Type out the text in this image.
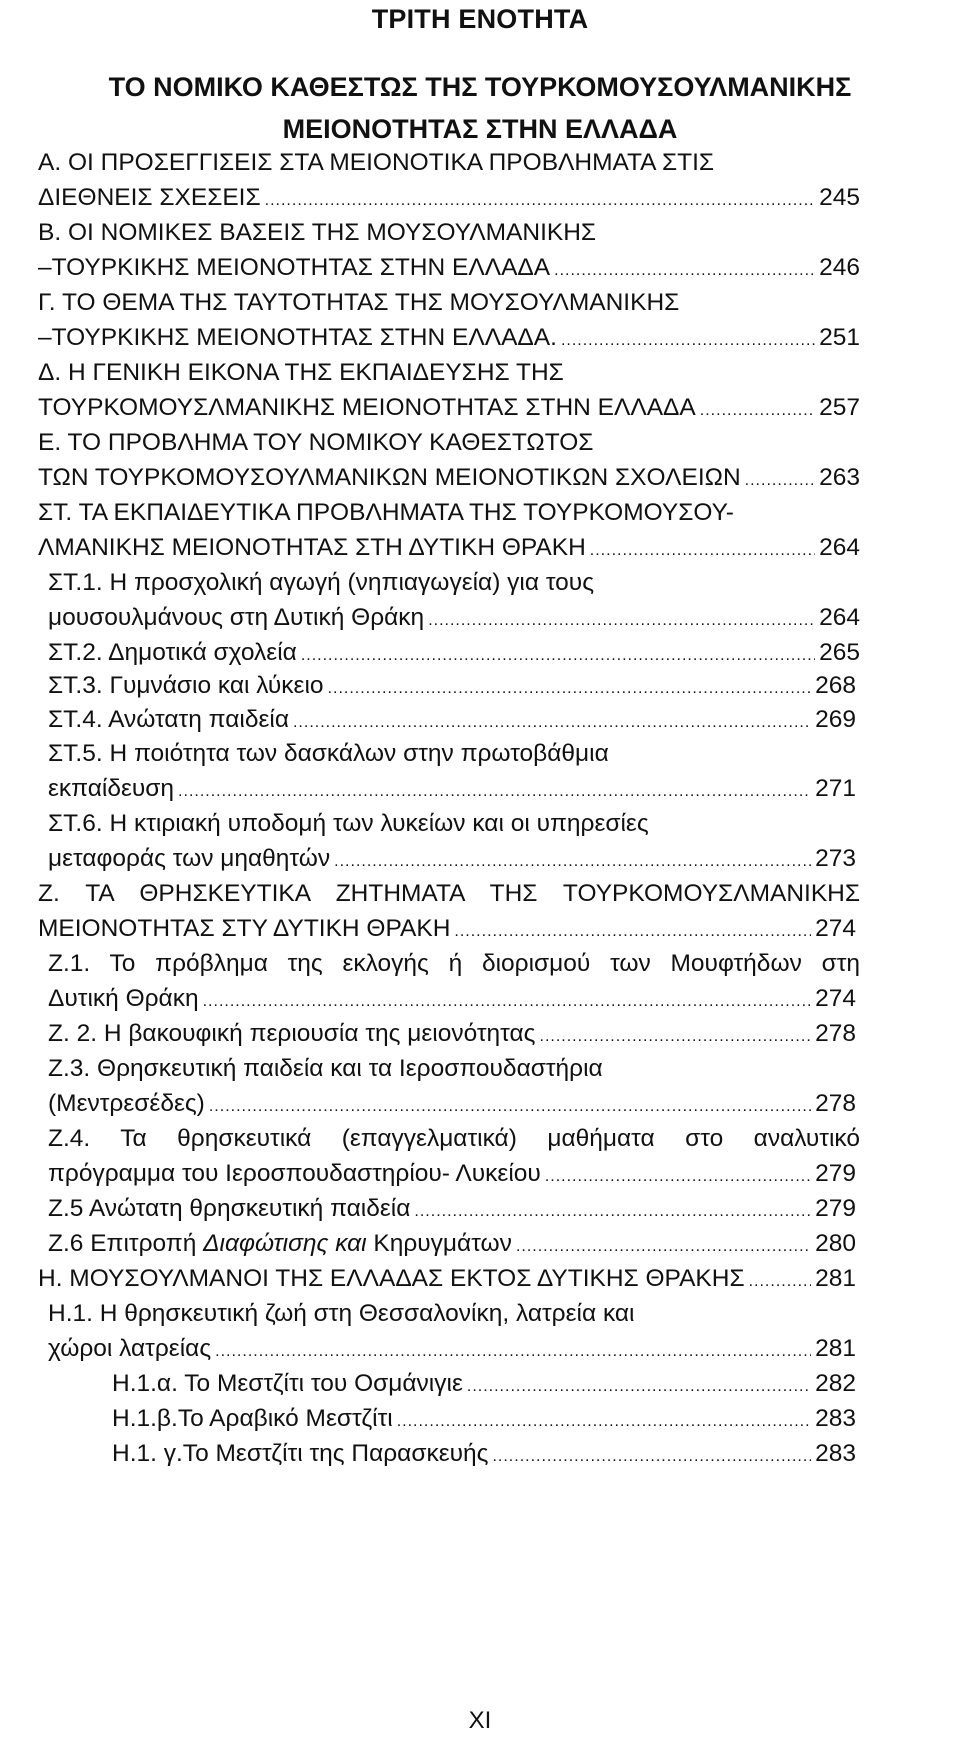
ΤΡΙΤΗ ΕΝΟΤΗΤΑ
ΤΟ ΝΟΜΙΚΟ ΚΑΘΕΣΤΩΣ ΤΗΣ ΤΟΥΡΚΟΜΟΥΣΟΥΛΜΑΝΙΚΗΣ
ΜΕΙΟΝΟΤΗΤΑΣ ΣΤΗΝ ΕΛΛΑΔΑ
Α. ΟΙ ΠΡΟΣΕΓΓΙΣΕΙΣ ΣΤΑ ΜΕΙΟΝΟΤΙΚΑ ΠΡΟΒΛΗΜΑΤΑ ΣΤΙΣ
ΔΙΕΘΝΕΙΣ ΣΧΕΣΕΙΣ .....	245
Β. ΟΙ ΝΟΜΙΚΕΣ ΒΑΣΕΙΣ ΤΗΣ ΜΟΥΣΟΥΛΜΑΝΙΚΗΣ
–ΤΟΥΡΚΙΚΗΣ ΜΕΙΟΝΟΤΗΤΑΣ ΣΤΗΝ ΕΛΛΑΔΑ .....	246
Γ. ΤΟ ΘΕΜΑ ΤΗΣ ΤΑΥΤΟΤΗΤΑΣ ΤΗΣ ΜΟΥΣΟΥΛΜΑΝΙΚΗΣ
–ΤΟΥΡΚΙΚΗΣ ΜΕΙΟΝΟΤΗΤΑΣ ΣΤΗΝ ΕΛΛΑΔΑ. .....	251
Δ. Η ΓΕΝΙΚΗ ΕΙΚΟΝΑ ΤΗΣ ΕΚΠΑΙΔΕΥΣΗΣ ΤΗΣ
ΤΟΥΡΚΟΜΟΥΣΛΜΑΝΙΚΗΣ ΜΕΙΟΝΟΤΗΤΑΣ ΣΤΗΝ ΕΛΛΑΔΑ .....	257
Ε. ΤΟ ΠΡΟΒΛΗΜΑ ΤΟΥ ΝΟΜΙΚΟΥ ΚΑΘΕΣΤΩΤΟΣ
ΤΩΝ ΤΟΥΡΚΟΜΟΥΣΟΥΛΜΑΝΙΚΩΝ ΜΕΙΟΝΟΤΙΚΩΝ ΣΧΟΛΕΙΩΝ .....	263
ΣΤ. ΤΑ ΕΚΠΑΙΔΕΥΤΙΚΑ ΠΡΟΒΛΗΜΑΤΑ ΤΗΣ ΤΟΥΡΚΟΜΟΥΣΟΥ-
ΛΜΑΝΙΚΗΣ ΜΕΙΟΝΟΤΗΤΑΣ ΣΤΗ ΔΥΤΙΚΗ ΘΡΑΚΗ .....	264
ΣΤ.1. Η προσχολική αγωγή (νηπιαγωγεία) για τους
μουσουλμάνους στη Δυτική Θράκη .....	264
ΣΤ.2. Δημοτικά σχολεία .....	265
ΣΤ.3. Γυμνάσιο και λύκειο .....	268
ΣΤ.4. Ανώτατη παιδεία .....	269
ΣΤ.5. Η ποιότητα των δασκάλων στην πρωτοβάθμια
εκπαίδευση .....	271
ΣΤ.6. Η κτιριακή υποδομή των λυκείων και οι υπηρεσίες
μεταφοράς των μηαθητών .....	273
Ζ. ΤΑ ΘΡΗΣΚΕΥΤΙΚΑ ΖΗΤΗΜΑΤΑ ΤΗΣ ΤΟΥΡΚΟΜΟΥΣΛΜΑΝΙΚΗΣ
ΜΕΙΟΝΟΤΗΤΑΣ ΣΤΥ ΔΥΤΙΚΗ ΘΡΑΚΗ .....	274
Ζ.1. Το πρόβλημα της εκλογής ή διορισμού των Μουφτήδων στη
Δυτική Θράκη .....	274
Ζ. 2. Η βακουφική περιουσία της μειονότητας .....	278
Ζ.3. Θρησκευτική παιδεία και τα Ιεροσπουδαστήρια
(Μεντρεσέδες) .....	278
Ζ.4. Τα θρησκευτικά (επαγγελματικά) μαθήματα στο αναλυτικό
πρόγραμμα του Ιεροσπουδαστηρίου- Λυκείου .....	279
Ζ.5 Ανώτατη θρησκευτική παιδεία .....	279
Ζ.6 Επιτροπή Διαφώτισης και Κηρυγμάτων .....	280
Η. ΜΟΥΣΟΥΛΜΑΝΟΙ ΤΗΣ ΕΛΛΑΔΑΣ ΕΚΤΟΣ ΔΥΤΙΚΗΣ ΘΡΑΚΗΣ .....	281
Η.1. Η θρησκευτική ζωή στη Θεσσαλονίκη, λατρεία και
χώροι λατρείας .....	281
Η.1.α. Το Μεστζίτι του Οσμάνιγιε .....	282
Η.1.β.Το Αραβικό Μεστζίτι .....	283
Η.1. γ.Το Μεστζίτι της Παρασκευής .....	283
XI
